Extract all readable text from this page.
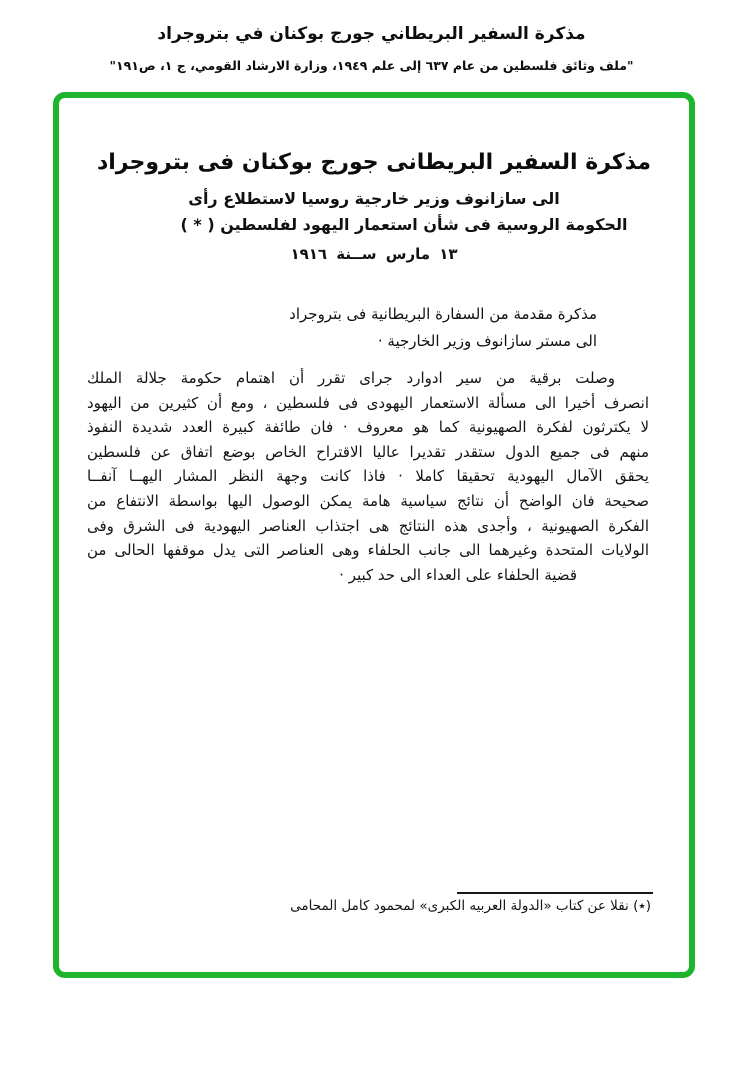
مذكرة السفير البريطاني جورج بوكنان في بتروجراد
"ملف وثائق فلسطين من عام ٦٣٧ إلى علم ١٩٤٩، وزارة الارشاد القومي، ج ١، ص١٩١"
مذكرة السفير البريطانى جورج بوكنان فى بتروجراد
الى سازانوف وزير خارجية روسيا لاستطلاع رأى
الحكومة الروسية فى شأن استعمار اليهود لفلسطين ( * )
١٣ مارس ســنة ١٩١٦
مذكرة مقدمة من السفارة البريطانية فى بتروجراد
الى مستر سازانوف وزير الخارجية ·
وصلت برقية من سير ادوارد جراى تقرر أن اهتمام حكومة جلالة الملك
انصرف أخيرا الى مسألة الاستعمار اليهودى فى فلسطين ، ومع أن كثيرين من اليهود
لا يكترثون لفكرة الصهيونية كما هو معروف · فان طائفة كبيرة العدد شديدة النفوذ
منهم فى جميع الدول ستقدر تقديرا عاليا الاقتراح الخاص بوضع اتفاق عن فلسطين
يحقق الآمال اليهودية تحقيقا كاملا · فاذا كانت وجهة النظر المشار اليهــا آنفــا
صحيحة فان الواضح أن نتائج سياسية هامة يمكن الوصول اليها بواسطة الانتفاع من
الفكرة الصهيونية ، وأجدى هذه النتائج هى اجتذاب العناصر اليهودية فى الشرق وفى
الولايات المتحدة وغيرهما الى جانب الحلفاء وهى العناصر التى يدل موقفها الحالى من
قضية الحلفاء على العداء الى حد كبير ·
(٭) نقلا عن كتاب «الدولة العربيه الكبرى» لمحمود كامل المحامى
